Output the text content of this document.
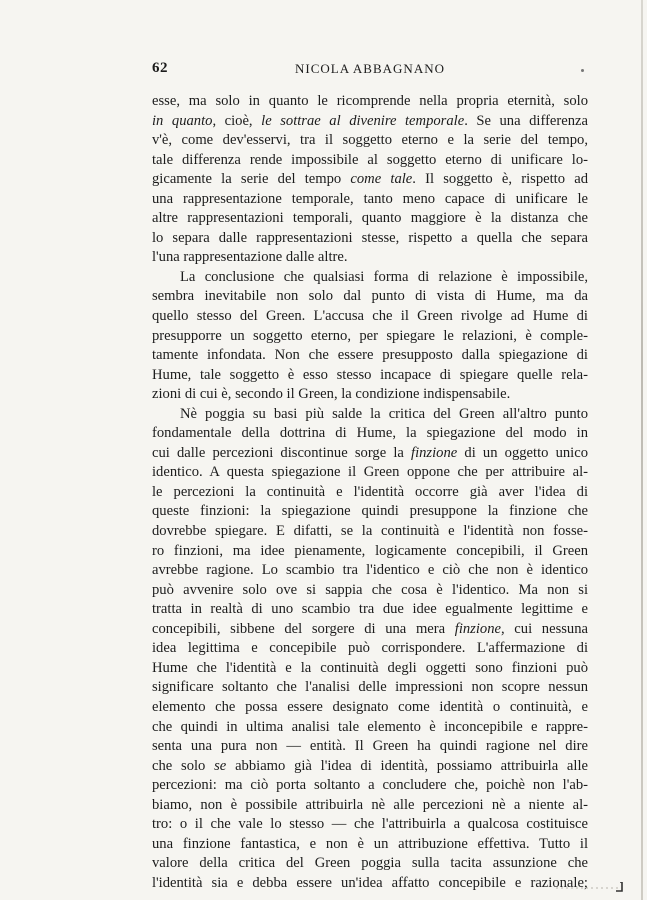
62	NICOLA ABBAGNANO
esse, ma solo in quanto le ricomprende nella propria eternità, solo
in quanto, cioè, le sottrae al divenire temporale. Se una differenza
v'è, come dev'esservi, tra il soggetto eterno e la serie del tempo,
tale differenza rende impossibile al soggetto eterno di unificare lo-
gicamente la serie del tempo come tale. Il soggetto è, rispetto ad
una rappresentazione temporale, tanto meno capace di unificare le
altre rappresentazioni temporali, quanto maggiore è la distanza che
lo separa dalle rappresentazioni stesse, rispetto a quella che separa
l'una rappresentazione dalle altre.
La conclusione che qualsiasi forma di relazione è impossibile,
sembra inevitabile non solo dal punto di vista di Hume, ma da
quello stesso del Green. L'accusa che il Green rivolge ad Hume di
presupporre un soggetto eterno, per spiegare le relazioni, è comple-
tamente infondata. Non che essere presupposto dalla spiegazione di
Hume, tale soggetto è esso stesso incapace di spiegare quelle rela-
zioni di cui è, secondo il Green, la condizione indispensabile.
Nè poggia su basi più salde la critica del Green all'altro punto
fondamentale della dottrina di Hume, la spiegazione del modo in
cui dalle percezioni discontinue sorge la finzione di un oggetto unico
identico. A questa spiegazione il Green oppone che per attribuire al-
le percezioni la continuità e l'identità occorre già aver l'idea di
queste finzioni: la spiegazione quindi presuppone la finzione che
dovrebbe spiegare. E difatti, se la continuità e l'identità non fosse-
ro finzioni, ma idee pienamente, logicamente concepibili, il Green
avrebbe ragione. Lo scambio tra l'identico e ciò che non è identico
può avvenire solo ove si sappia che cosa è l'identico. Ma non si
tratta in realtà di uno scambio tra due idee egualmente legittime e
concepibili, sibbene del sorgere di una mera finzione, cui nessuna
idea legittima e concepibile può corrispondere. L'affermazione di
Hume che l'identità e la continuità degli oggetti sono finzioni può
significare soltanto che l'analisi delle impressioni non scopre nessun
elemento che possa essere designato come identità o continuità, e
che quindi in ultima analisi tale elemento è inconcepibile e rappre-
senta una pura non — entità. Il Green ha quindi ragione nel dire
che solo se abbiamo già l'idea di identità, possiamo attribuirla alle
percezioni: ma ciò porta soltanto a concludere che, poichè non l'ab-
biamo, non è possibile attribuirla nè alle percezioni nè a niente al-
tro: o il che vale lo stesso — che l'attribuirla a qualcosa costituisce
una finzione fantastica, e non è un attribuzione effettiva. Tutto il
valore della critica del Green poggia sulla tacita assunzione che
l'identità sia e debba essere un'idea affatto concepibile e razionale;
